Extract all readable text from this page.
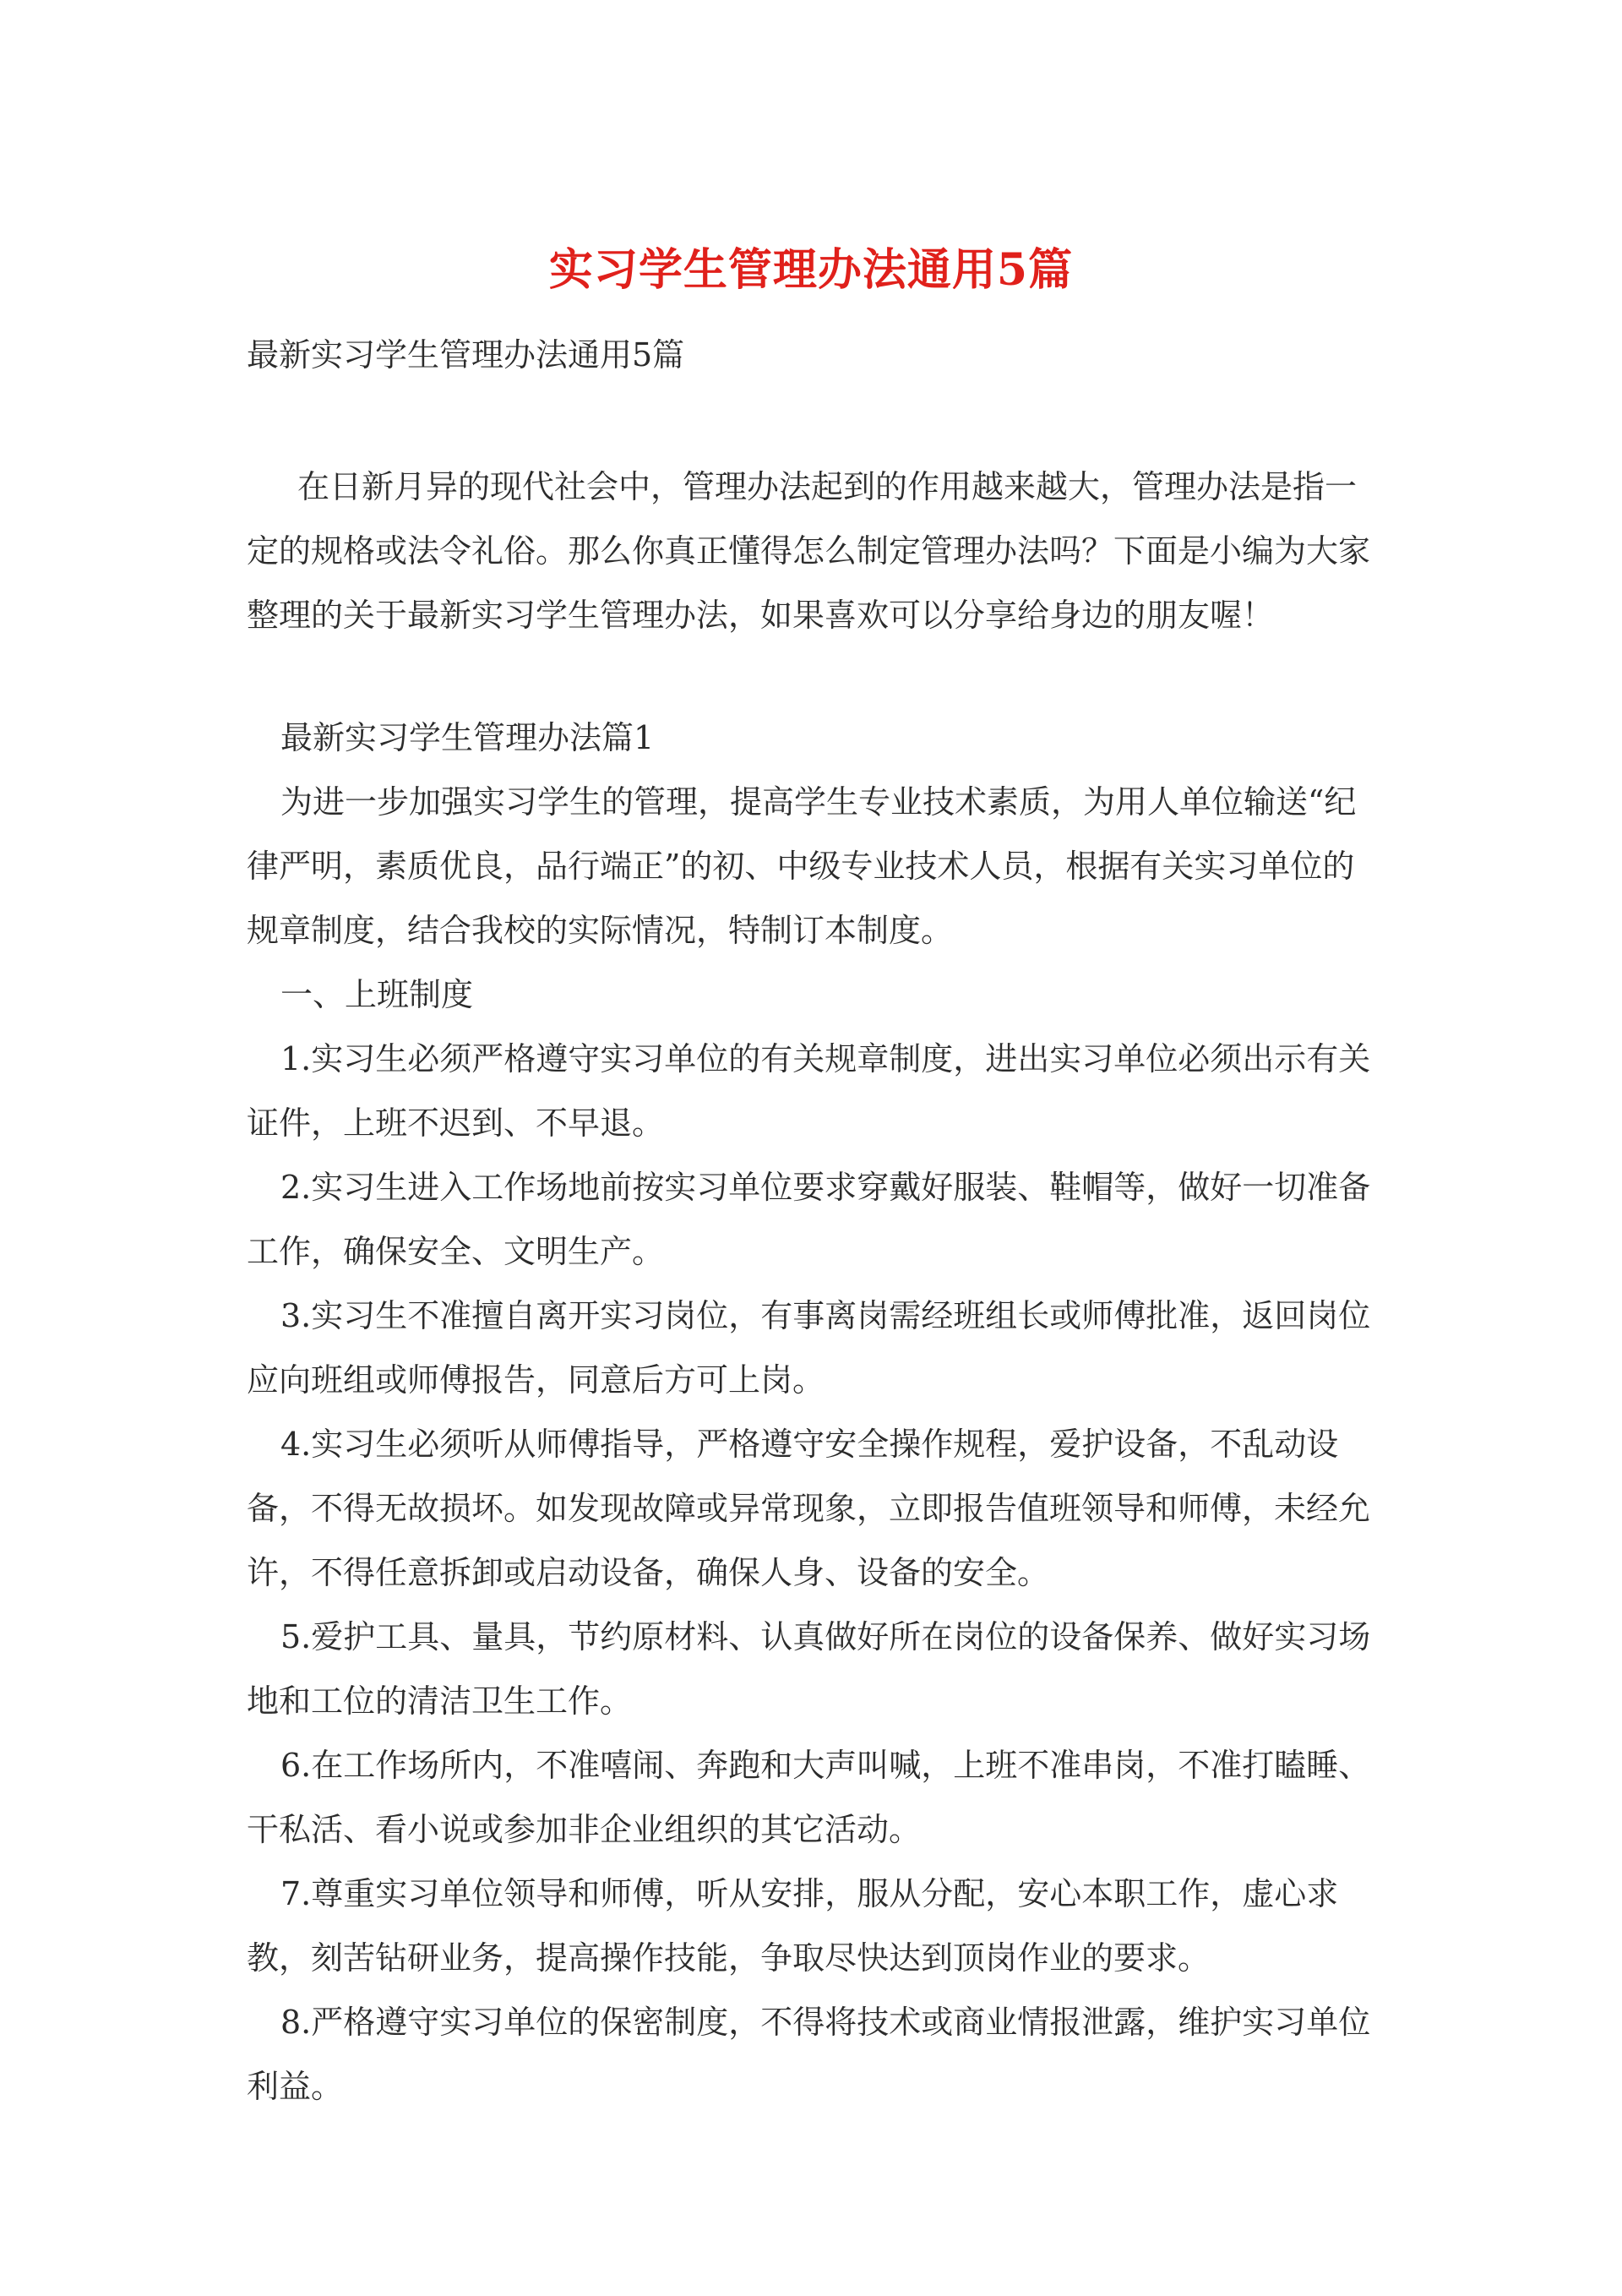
实习学生管理办法通用5篇
最新实习学生管理办法通用5篇

在日新月异的现代社会中，管理办法起到的作用越来越大，管理办法是指一定的规格或法令礼俗。那么你真正懂得怎么制定管理办法吗？下面是小编为大家整理的关于最新实习学生管理办法，如果喜欢可以分享给身边的朋友喔！

最新实习学生管理办法篇1

为进一步加强实习学生的管理，提高学生专业技术素质，为用人单位输送“纪律严明，素质优良，品行端正”的初、中级专业技术人员，根据有关实习单位的规章制度，结合我校的实际情况，特制订本制度。

一、上班制度

1.实习生必须严格遵守实习单位的有关规章制度，进出实习单位必须出示有关证件，上班不迟到、不早退。

2.实习生进入工作场地前按实习单位要求穿戴好服装、鞋帽等，做好一切准备工作，确保安全、文明生产。

3.实习生不准擅自离开实习岗位，有事离岗需经班组长或师傅批准，返回岗位应向班组或师傅报告，同意后方可上岗。

4.实习生必须听从师傅指导，严格遵守安全操作规程，爱护设备，不乱动设备，不得无故损坏。如发现故障或异常现象，立即报告值班领导和师傅，未经允许，不得任意拆卸或启动设备，确保人身、设备的安全。

5.爱护工具、量具，节约原材料、认真做好所在岗位的设备保养、做好实习场地和工位的清洁卫生工作。

6.在工作场所内，不准嘻闹、奔跑和大声叫喊，上班不准串岗，不准打瞌睡、干私活、看小说或参加非企业组织的其它活动。

7.尊重实习单位领导和师傅，听从安排，服从分配，安心本职工作，虚心求教，刻苦钻研业务，提高操作技能，争取尽快达到顶岗作业的要求。

8.严格遵守实习单位的保密制度，不得将技术或商业情报泄露，维护实习单位利益。
